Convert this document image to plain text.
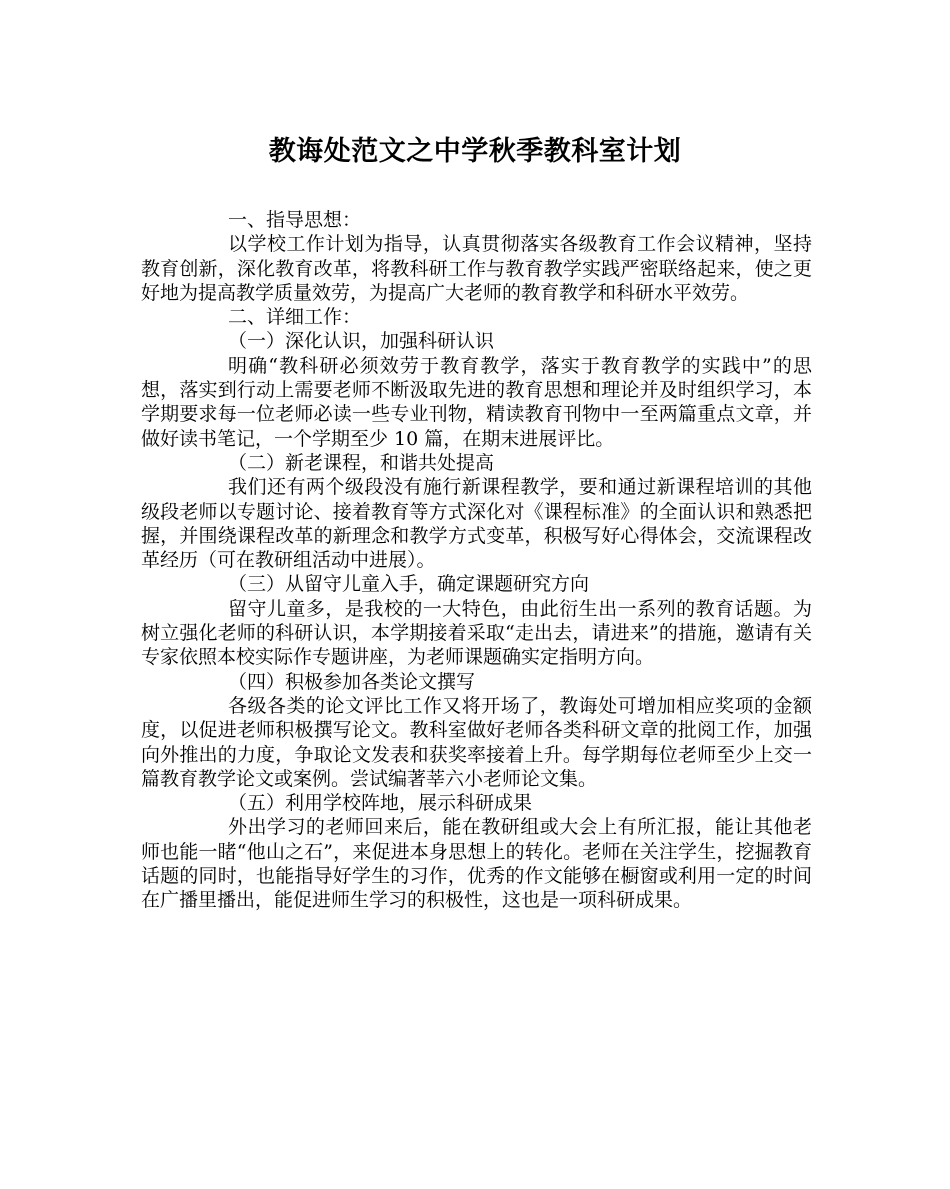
教诲处范文之中学秋季教科室计划

一、指导思想：

以学校工作计划为指导，认真贯彻落实各级教育工作会议精神，坚持教育创新，深化教育改革，将教科研工作与教育教学实践严密联络起来，使之更好地为提高教学质量效劳，为提高广大老师的教育教学和科研水平效劳。

二、详细工作：

（一）深化认识，加强科研认识

明确“教科研必须效劳于教育教学，落实于教育教学的实践中”的思想，落实到行动上需要老师不断汲取先进的教育思想和理论并及时组织学习，本学期要求每一位老师必读一些专业刊物，精读教育刊物中一至两篇重点文章，并做好读书笔记，一个学期至少 10 篇，在期末进展评比。

（二）新老课程，和谐共处提高

我们还有两个级段没有施行新课程教学，要和通过新课程培训的其他级段老师以专题讨论、接着教育等方式深化对《课程标准》的全面认识和熟悉把握，并围绕课程改革的新理念和教学方式变革，积极写好心得体会，交流课程改革经历（可在教研组活动中进展）。

（三）从留守儿童入手，确定课题研究方向

留守儿童多，是我校的一大特色，由此衍生出一系列的教育话题。为树立强化老师的科研认识，本学期接着采取“走出去，请进来”的措施，邀请有关专家依照本校实际作专题讲座，为老师课题确实定指明方向。

（四）积极参加各类论文撰写

各级各类的论文评比工作又将开场了，教诲处可增加相应奖项的金额度，以促进老师积极撰写论文。教科室做好老师各类科研文章的批阅工作，加强向外推出的力度，争取论文发表和获奖率接着上升。每学期每位老师至少上交一篇教育教学论文或案例。尝试编著莘六小老师论文集。

（五）利用学校阵地，展示科研成果

外出学习的老师回来后，能在教研组或大会上有所汇报，能让其他老师也能一睹“他山之石”，来促进本身思想上的转化。老师在关注学生，挖掘教育话题的同时，也能指导好学生的习作，优秀的作文能够在橱窗或利用一定的时间在广播里播出，能促进师生学习的积极性，这也是一项科研成果。
